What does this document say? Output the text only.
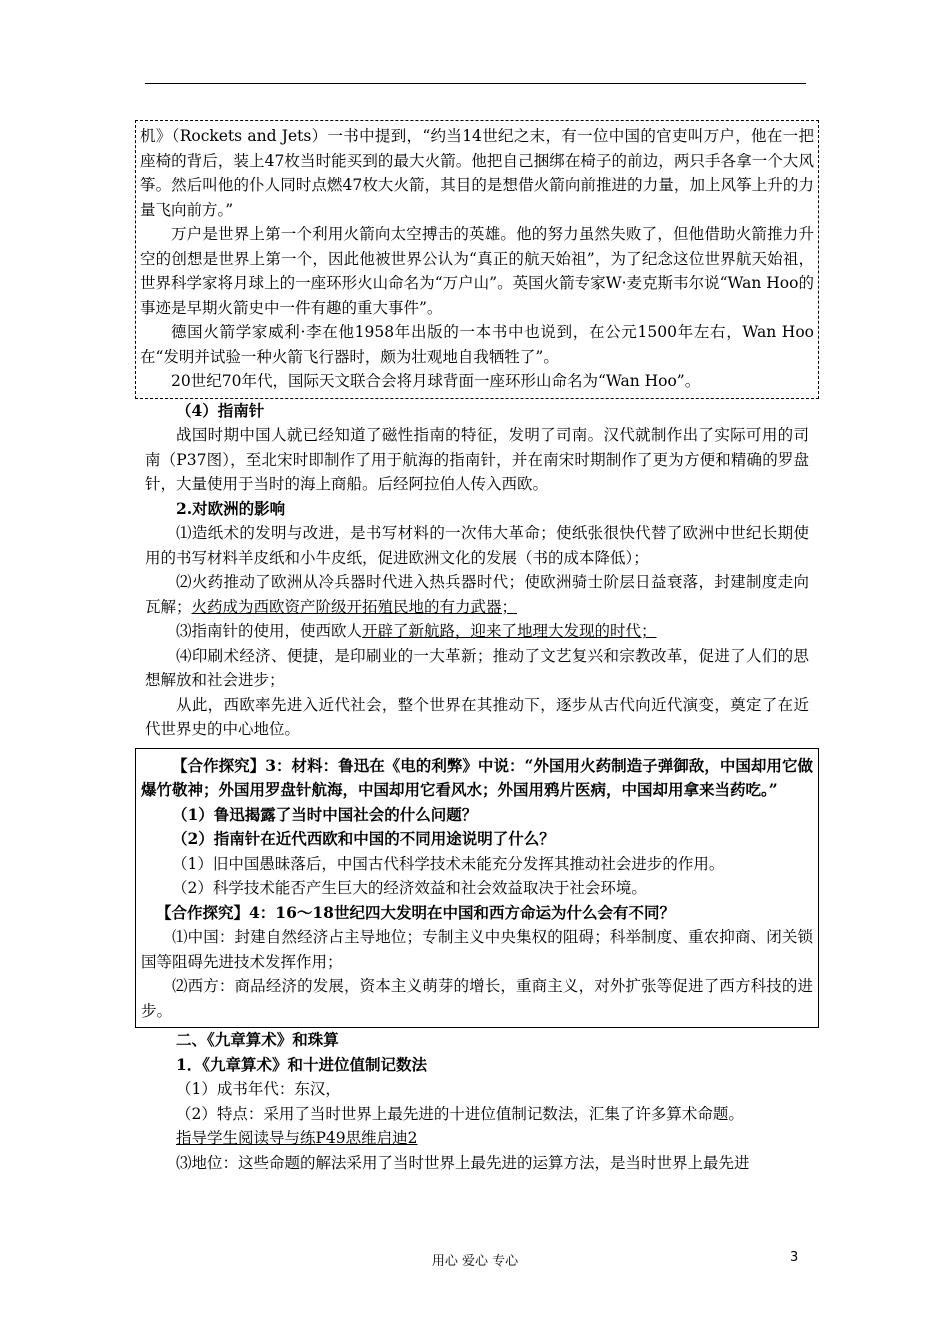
机》（Rockets and Jets）一书中提到，“约当14世纪之末，有一位中国的官吏叫万户，他在一把座椅的背后，装上47枚当时能买到的最大火箭。他把自己捆绑在椅子的前边，两只手各拿一个大风筝。然后叫他的仆人同时点燃47枚大火箭，其目的是想借火箭向前推进的力量，加上风筝上升的力量飞向前方。”

万户是世界上第一个利用火箭向太空搏击的英雄。他的努力虽然失败了，但他借助火箭推力升空的创想是世界上第一个，因此他被世界公认为“真正的航天始祖”，为了纪念这位世界航天始祖，世界科学家将月球上的一座环形火山命名为“万户山”。英国火箭专家W·麦克斯韦尔说“Wan Hoo的事迹是早期火箭史中一件有趣的重大事件”。

德国火箭学家威利·李在他1958年出版的一本书中也说到，在公元1500年左右，Wan Hoo在“发明并试验一种火箭飞行器时，颇为壮观地自我牺牲了”。

20世纪70年代，国际天文联合会将月球背面一座环形山命名为“Wan Hoo”。

（4）指南针

战国时期中国人就已经知道了磁性指南的特征，发明了司南。汉代就制作出了实际可用的司南（P37图），至北宋时即制作了用于航海的指南针，并在南宋时期制作了更为方便和精确的罗盘针，大量使用于当时的海上商船。后经阿拉伯人传入西欧。

2.对欧洲的影响

⑴造纸术的发明与改进，是书写材料的一次伟大革命；使纸张很快代替了欧洲中世纪长期使用的书写材料羊皮纸和小牛皮纸，促进欧洲文化的发展（书的成本降低）；

⑵火药推动了欧洲从冷兵器时代进入热兵器时代；使欧洲骑士阶层日益衰落，封建制度走向瓦解；火药成为西欧资产阶级开拓殖民地的有力武器；

⑶指南针的使用，使西欧人开辟了新航路，迎来了地理大发现的时代；

⑷印刷术经济、便捷，是印刷业的一大革新；推动了文艺复兴和宗教改革，促进了人们的思想解放和社会进步；

从此，西欧率先进入近代社会，整个世界在其推动下，逐步从古代向近代演变，奠定了在近代世界史的中心地位。

【合作探究】3：材料：鲁迅在《电的利弊》中说：“外国用火药制造子弹御敌，中国却用它做爆竹敬神；外国用罗盘针航海，中国却用它看风水；外国用鸦片医病，中国却用拿来当药吃。”

（1）鲁迅揭露了当时中国社会的什么问题？

（2）指南针在近代西欧和中国的不同用途说明了什么？

（1）旧中国愚昧落后，中国古代科学技术未能充分发挥其推动社会进步的作用。

（2）科学技术能否产生巨大的经济效益和社会效益取决于社会环境。

【合作探究】4：16～18世纪四大发明在中国和西方命运为什么会有不同？

⑴中国：封建自然经济占主导地位；专制主义中央集权的阻碍；科举制度、重农抑商、闭关锁国等阻碍先进技术发挥作用；

⑵西方：商品经济的发展，资本主义萌芽的增长，重商主义，对外扩张等促进了西方科技的进步。

二、《九章算术》和珠算

1．《九章算术》和十进位值制记数法

（1）成书年代：东汉，

（2）特点：采用了当时世界上最先进的十进位值制记数法，汇集了许多算术命题。

指导学生阅读导与练P49思维启迪2

⑶地位：这些命题的解法采用了当时世界上最先进的运算方法，是当时世界上最先进

用心 爱心 专心	3
